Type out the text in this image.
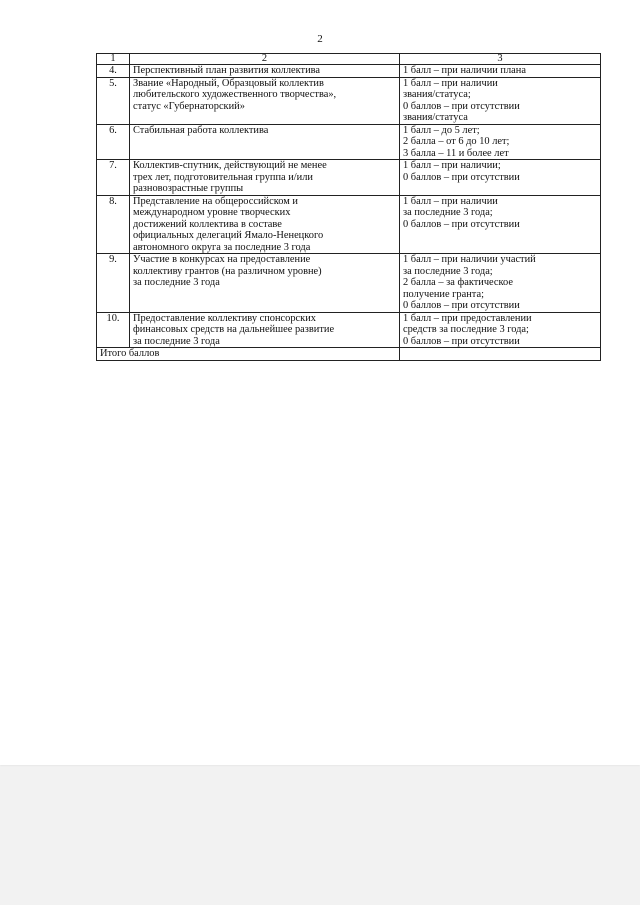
2
1	2	3
4.	Перспективный план развития коллектива	1 балл – при наличии плана

5.	Звание «Народный, Образцовый коллектив
любительского художественного творчества»,
статус «Губернаторский»	1 балл – при наличии
звания/статуса;
0 баллов – при отсутствии
звания/статуса

6.	Стабильная работа коллектива	1 балл – до 5 лет;
2 балла – от 6 до 10 лет;
3 балла – 11 и более лет

7.	Коллектив-спутник, действующий не менее
трех лет, подготовительная группа и/или
разновозрастные группы	1 балл – при наличии;
0 баллов – при отсутствии

8.	Представление на общероссийском и
международном уровне творческих
достижений коллектива в составе
официальных делегаций Ямало-Ненецкого
автономного округа за последние 3 года	1 балл – при наличии
за последние 3 года;
0 баллов – при отсутствии

9.	Участие в конкурсах на предоставление
коллективу грантов (на различном уровне)
за последние 3 года	1 балл – при наличии участий
за последние 3 года;
2 балла – за фактическое
получение гранта;
0 баллов – при отсутствии

10.	Предоставление коллективу спонсорских
финансовых средств на дальнейшее развитие
за последние 3 года	1 балл – при предоставлении
средств за последние 3 года;
0 баллов – при отсутствии

Итого баллов		
